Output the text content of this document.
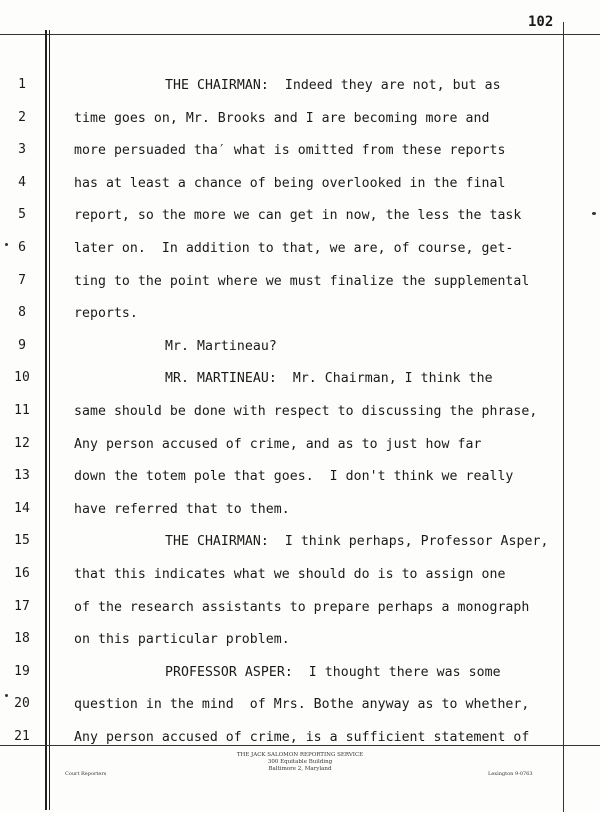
102
1
2
3
4
5
6
7
8
9
10
11
12
13
14
15
16
17
18
19
20
21
THE CHAIRMAN:  Indeed they are not, but as
time goes on, Mr. Brooks and I are becoming more and
more persuaded tha′ what is omitted from these reports
has at least a chance of being overlooked in the final
report, so the more we can get in now, the less the task
later on.  In addition to that, we are, of course, get-
ting to the point where we must finalize the supplemental
reports.
Mr. Martineau?
MR. MARTINEAU:  Mr. Chairman, I think the
same should be done with respect to discussing the phrase,
Any person accused of crime, and as to just how far
down the totem pole that goes.  I don't think we really
have referred that to them.
THE CHAIRMAN:  I think perhaps, Professor Asper,
that this indicates what we should do is to assign one
of the research assistants to prepare perhaps a monograph
on this particular problem.
PROFESSOR ASPER:  I thought there was some
question in the mind  of Mrs. Bothe anyway as to whether,
Any person accused of crime, is a sufficient statement of
THE JACK SALOMON REPORTING SERVICE
300 Equitable Building
Baltimore 2, Maryland
Court Reporters	Lexington 9-0763
